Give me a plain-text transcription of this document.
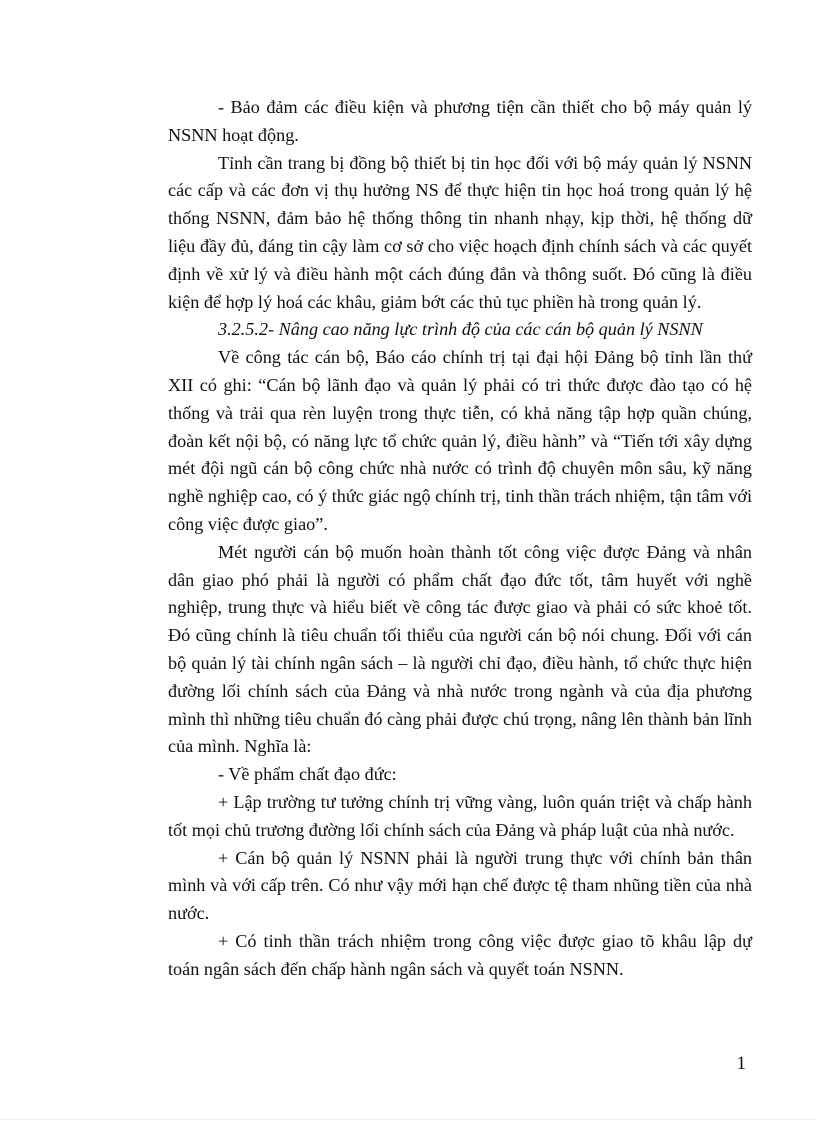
- Bảo đảm các điều kiện và phương tiện cần thiết cho bộ máy quản lý NSNN hoạt động.

Tỉnh cần trang bị đồng bộ thiết bị tin học đối với bộ máy quản lý NSNN các cấp và các đơn vị thụ hưởng NS để thực hiện tin học hoá trong quản lý hệ thống NSNN, đảm bảo hệ thống thông tin nhanh nhạy, kịp thời, hệ thống dữ liệu đầy đủ, đáng tin cậy làm cơ sở cho việc hoạch định chính sách và các quyết định về xử lý và điều hành một cách đúng đắn và thông suốt. Đó cũng là điều kiện để hợp lý hoá các khâu, giảm bớt các thủ tục phiền hà trong quản lý.

3.2.5.2- Nâng cao năng lực trình độ của các cán bộ quản lý NSNN

Về công tác cán bộ, Báo cáo chính trị tại đại hội Đảng bộ tỉnh lần thứ XII có ghi: “Cán bộ lãnh đạo và quản lý phải có tri thức được đào tạo có hệ thống và trải qua rèn luyện trong thực tiễn, có khả năng tập hợp quần chúng, đoàn kết nội bộ, có năng lực tổ chức quản lý, điều hành” và “Tiến tới xây dựng mét đội ngũ cán bộ công chức nhà nước có trình độ chuyên môn sâu, kỹ năng nghề nghiệp cao, có ý thức giác ngộ chính trị, tinh thần trách nhiệm, tận tâm với công việc được giao”.

Mét người cán bộ muốn hoàn thành tốt công việc được Đảng và nhân dân giao phó phải là người có phẩm chất đạo đức tốt, tâm huyết với nghề nghiệp, trung thực và hiểu biết về công tác được giao và phải có sức khoẻ tốt. Đó cũng chính là tiêu chuẩn tối thiểu của người cán bộ nói chung. Đối với cán bộ quản lý tài chính ngân sách – là người chỉ đạo, điều hành, tổ chức thực hiện đường lối chính sách của Đảng và nhà nước trong ngành và của địa phương mình thì những tiêu chuẩn đó càng phải được chú trọng, nâng lên thành bản lĩnh của mình. Nghĩa là:

- Về phẩm chất đạo đức:

+ Lập trường tư tưởng chính trị vững vàng, luôn quán triệt và chấp hành tốt mọi chủ trương đường lối chính sách của Đảng và pháp luật của nhà nước.

+ Cán bộ quản lý NSNN phải là người trung thực với chính bản thân mình và với cấp trên. Có như vậy mới hạn chế được tệ tham nhũng tiền của nhà nước.

+ Có tinh thần trách nhiệm trong công việc được giao tõ khâu lập dự toán ngân sách đến chấp hành ngân sách và quyết toán NSNN.

1
